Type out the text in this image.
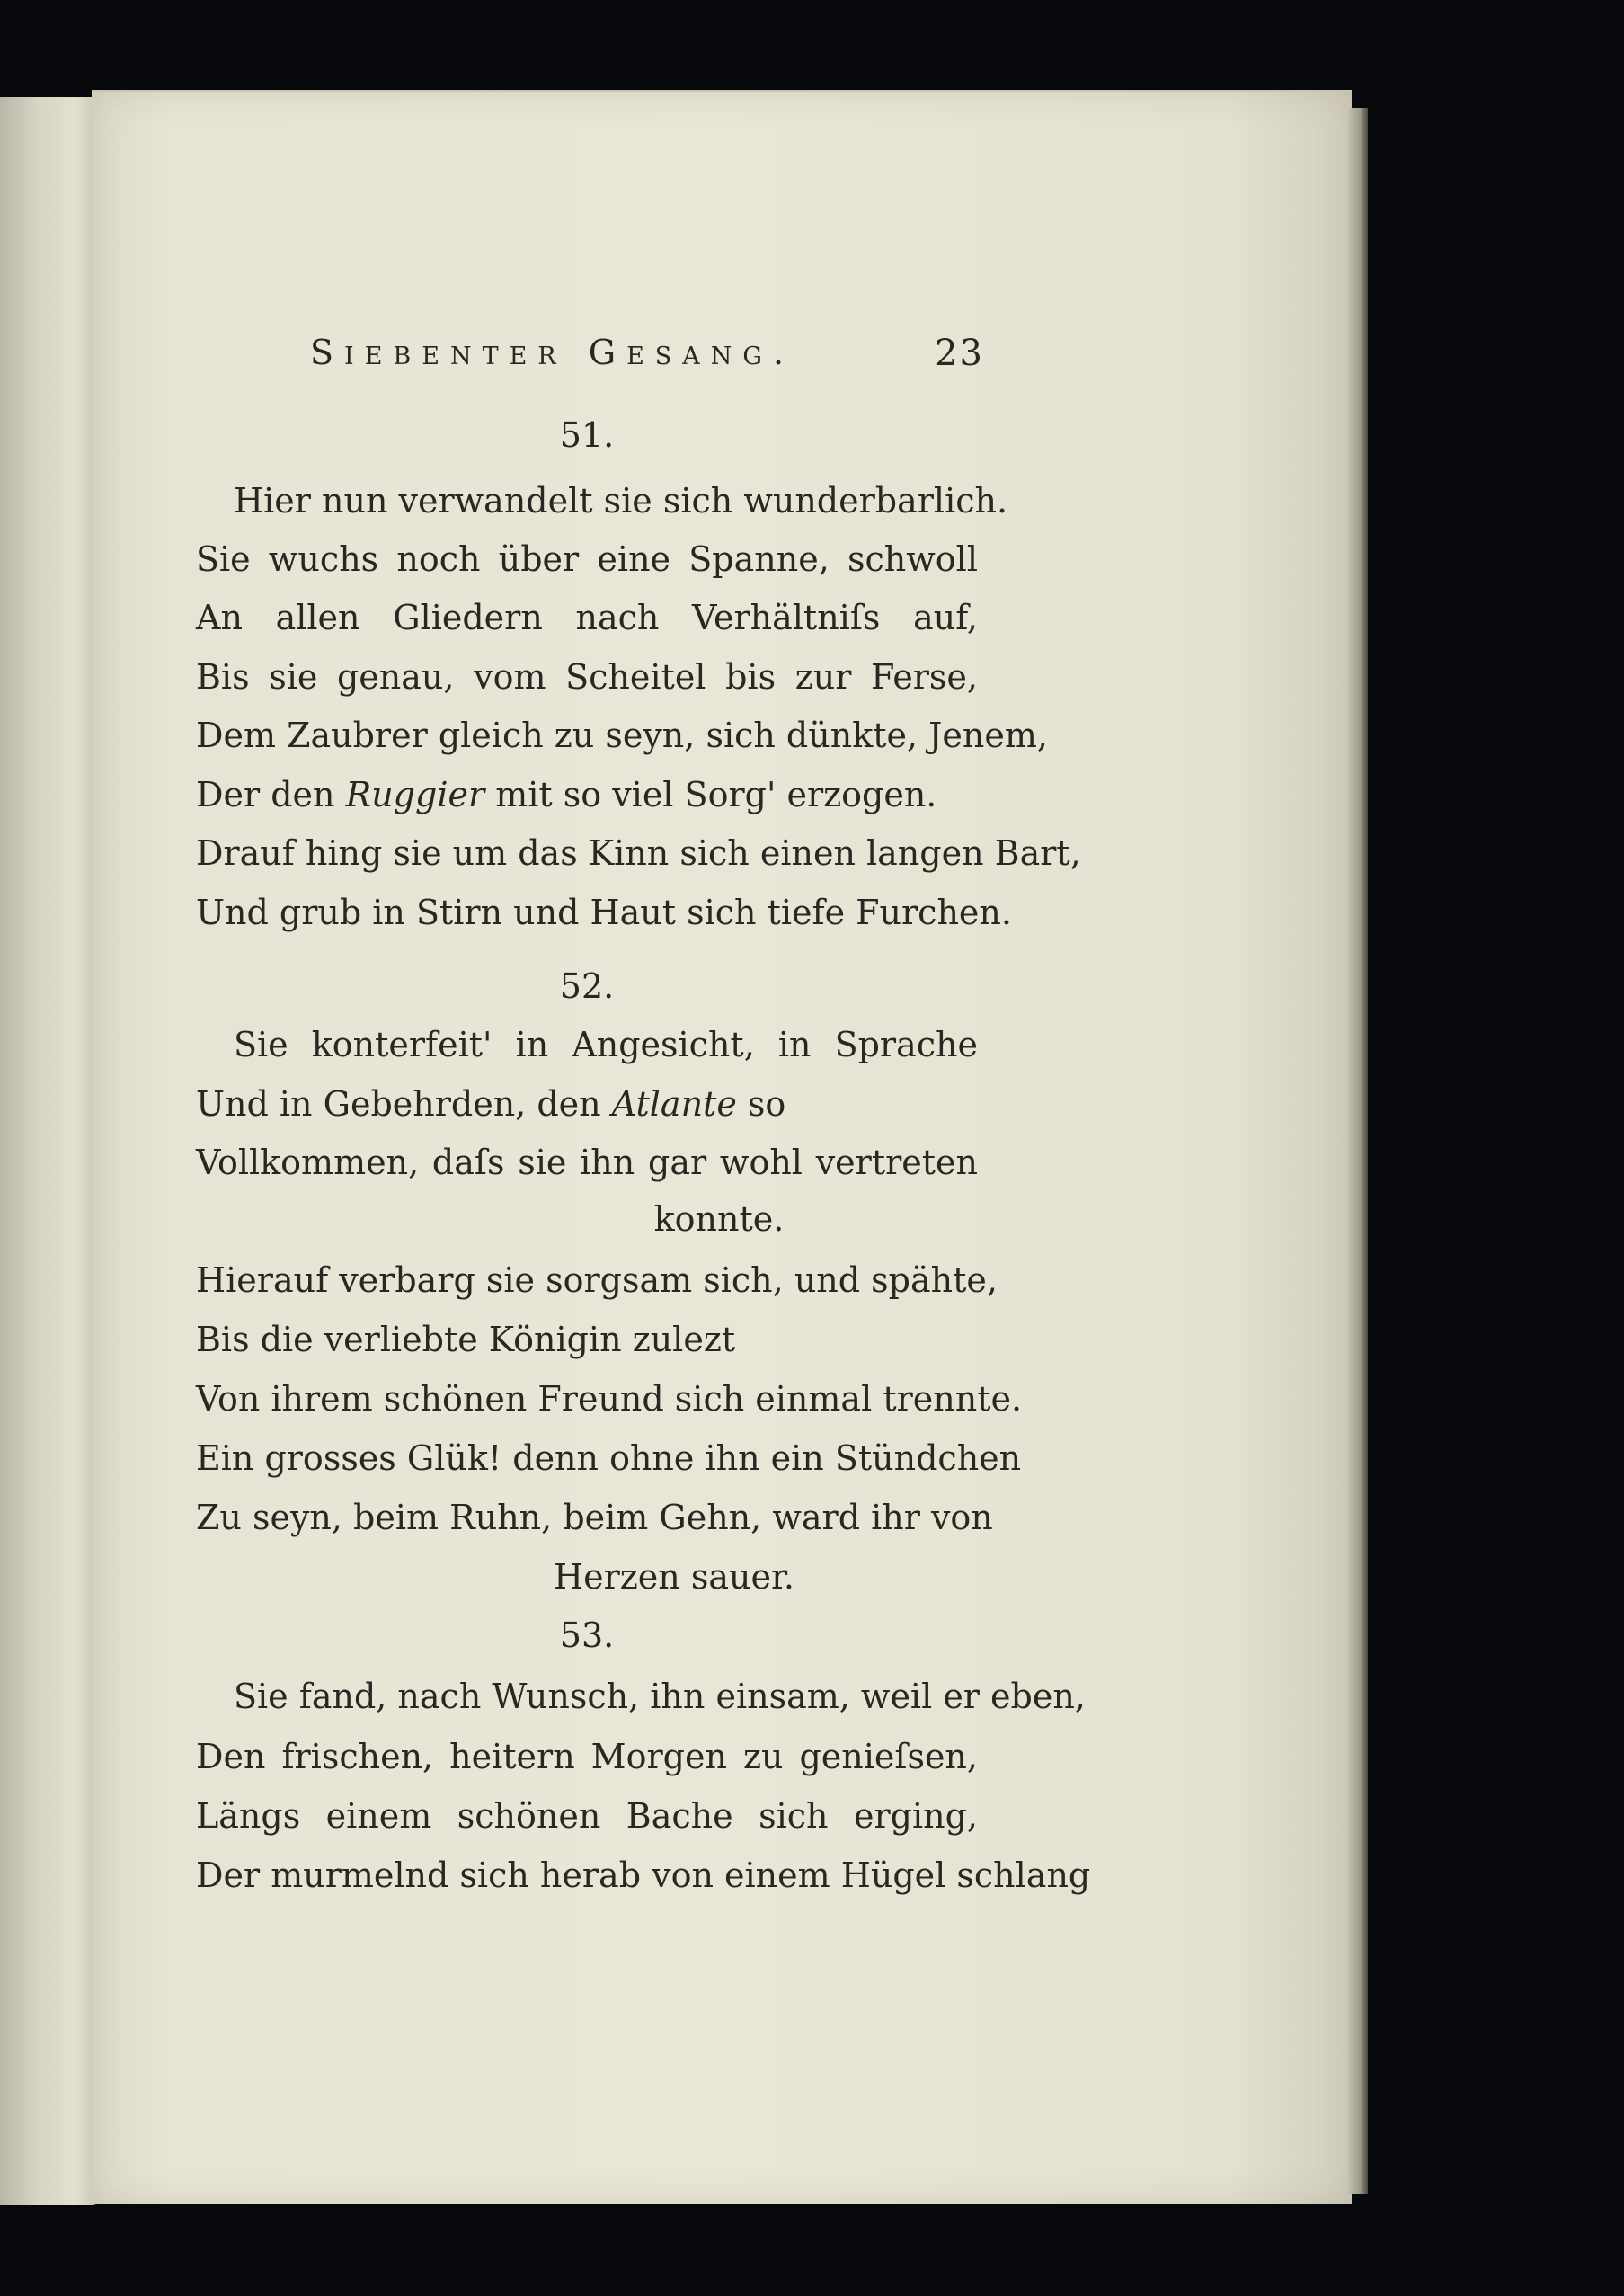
Siebenter Gesang.	23
51.
Hier nun verwandelt sie sich wunderbarlich.
Sie wuchs noch über eine Spanne, schwoll
An allen Gliedern nach Verhältniſs auf,
Bis sie genau, vom Scheitel bis zur Ferse,
Dem Zaubrer gleich zu seyn, sich dünkte, Jenem,
Der den Ruggier mit so viel Sorg' erzogen.
Drauf hing sie um das Kinn sich einen langen Bart,
Und grub in Stirn und Haut sich tiefe Furchen.
52.
Sie konterfeit' in Angesicht, in Sprache
Und in Gebehrden, den Atlante so
Vollkommen, daſs sie ihn gar wohl vertreten
konnte.
Hierauf verbarg sie sorgsam sich, und spähte,
Bis die verliebte Königin zulezt
Von ihrem schönen Freund sich einmal trennte.
Ein grosses Glük! denn ohne ihn ein Stündchen
Zu seyn, beim Ruhn, beim Gehn, ward ihr von
Herzen sauer.
53.
Sie fand, nach Wunsch, ihn einsam, weil er eben,
Den frischen, heitern Morgen zu genieſsen,
Längs einem schönen Bache sich erging,
Der murmelnd sich herab von einem Hügel schlang
